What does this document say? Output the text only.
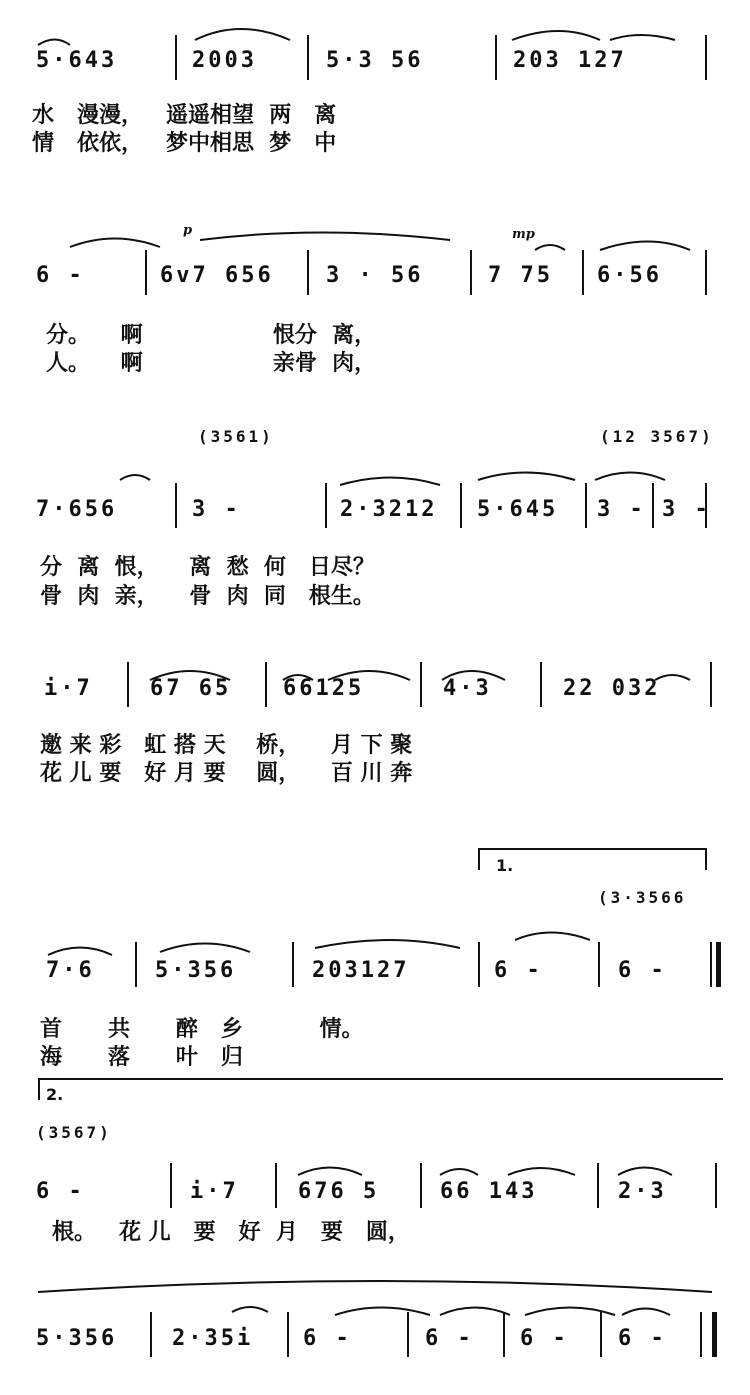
5·643	2003	5·3 56	203 127
水   漫漫，   遥遥相望  两   离
情   依依，   梦中相思  梦   中
p	mp
6 -	6v7 656 3 · 56	7 75 6·56
分。    啊                 恨分  离，
人。    啊                 亲骨  肉，
(3561)	(12 3567)
7·656	3 -	2·3212 5·645 3 - 3 -
分  离  恨，    离  愁  何   日尽？
骨  肉  亲，    骨  肉  同   根生。
i·7	67 65 66125	4·3	22 032
邀 来 彩   虹 搭 天    桥，    月 下 聚
花 儿 要   好 月 要    圆，    百 川 奔
1.
(3·3566
7·6	5·356	203127	6 -	6 -
首      共      醉   乡          情。
海      落      叶   归
2.
(3567)
6 -	i·7	676 5	66 143	2·3
根。   花 儿   要   好  月   要   圆，
5·356 2·35i 6 -	6 - 6 - 6 -
